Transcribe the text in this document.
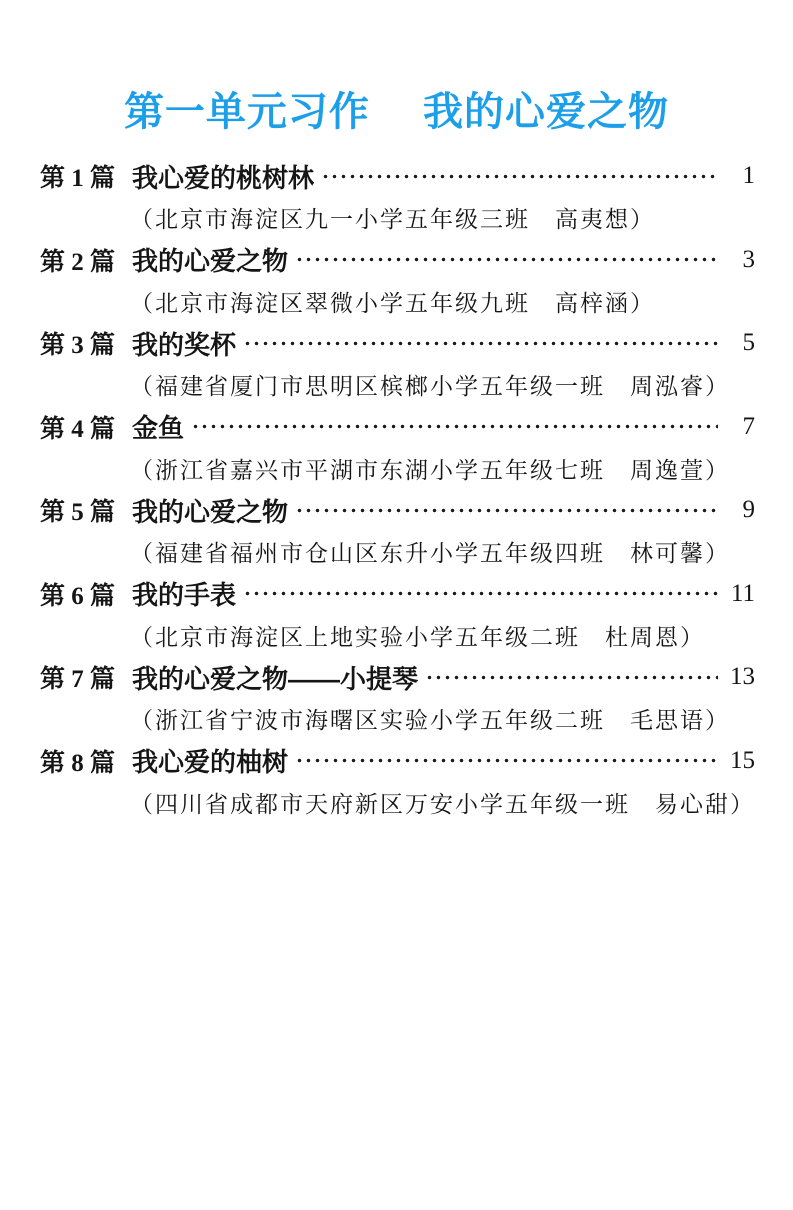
第一单元习作　 我的心爱之物
第 1 篇 我心爱的桃树林	1
（北京市海淀区九一小学五年级三班　高夷想）
第 2 篇 我的心爱之物	3
（北京市海淀区翠微小学五年级九班　高梓涵）
第 3 篇 我的奖杯	5
（福建省厦门市思明区槟榔小学五年级一班　周泓睿）
第 4 篇 金鱼	7
（浙江省嘉兴市平湖市东湖小学五年级七班　周逸萱）
第 5 篇 我的心爱之物	9
（福建省福州市仓山区东升小学五年级四班　林可馨）
第 6 篇 我的手表	11
（北京市海淀区上地实验小学五年级二班　杜周恩）
第 7 篇 我的心爱之物——小提琴	13
（浙江省宁波市海曙区实验小学五年级二班　毛思语）
第 8 篇 我心爱的柚树	15
（四川省成都市天府新区万安小学五年级一班　易心甜）
